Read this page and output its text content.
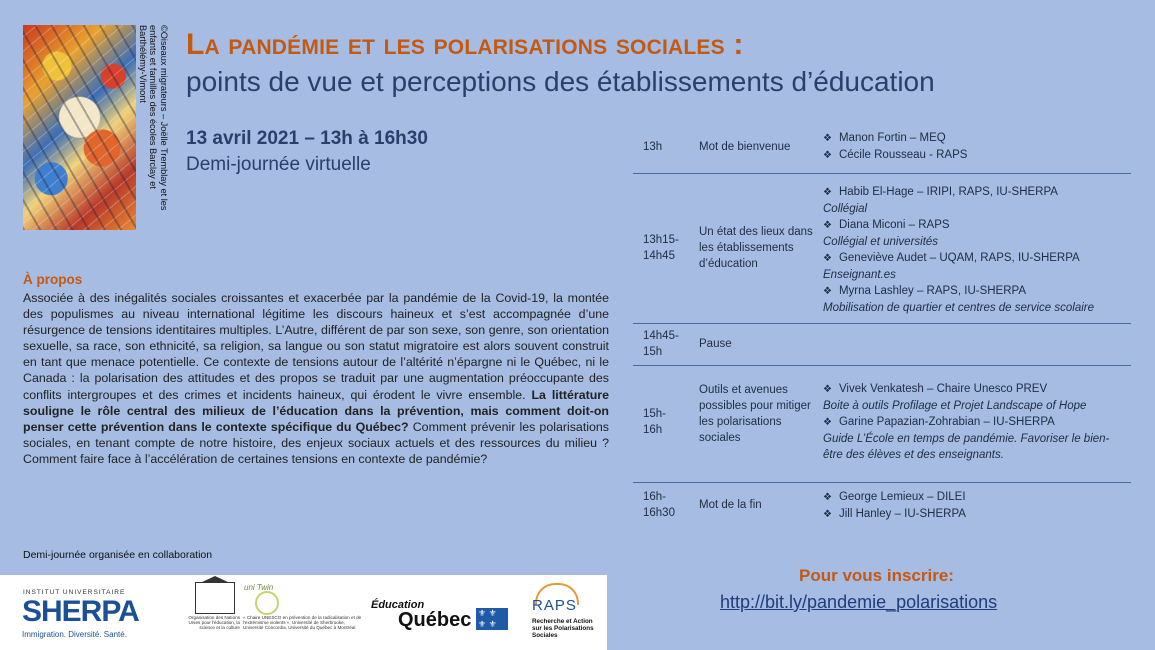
©Oiseaux migrateurs – Joëlle Tremblay et les enfants et familles des écoles Barclay et Barthélémy-Vimont	La pandémie et les polarisations sociales :
points de vue et perceptions des établissements d’éducation
13 avril 2021 – 13h à 16h30
Demi-journée virtuelle
À propos
Associée à des inégalités sociales croissantes et exacerbée par la pandémie de la Covid-19, la montée des populismes au niveau international légitime les discours haineux et s’est accompagnée d’une résurgence de tensions identitaires multiples. L’Autre, différent de par son sexe, son genre, son orientation sexuelle, sa race, son ethnicité, sa religion, sa langue ou son statut migratoire est alors souvent construit en tant que menace potentielle. Ce contexte de tensions autour de l’altérité n’épargne ni le Québec, ni le Canada : la polarisation des attitudes et des propos se traduit par une augmentation préoccupante des conflits intergroupes et des crimes et incidents haineux, qui érodent le vivre ensemble. La littérature souligne le rôle central des milieux de l’éducation dans la prévention, mais comment doit-on penser cette prévention dans le contexte spécifique du Québec? Comment prévenir les polarisations sociales, en tenant compte de notre histoire, des enjeux sociaux actuels et des ressources du milieu ? Comment faire face à l’accélération de certaines tensions en contexte de pandémie?
13h	Mot de bienvenue
❖ Manon Fortin – MEQ
❖ Cécile Rousseau - RAPS
13h15-
14h45
Un état des lieux dans les établissements d’éducation
❖ Habib El-Hage – IRIPI, RAPS, IU-SHERPA
Collégial
❖ Diana Miconi – RAPS
Collégial et universités
❖ Geneviève Audet – UQAM, RAPS, IU-SHERPA
Enseignant.es
❖ Myrna Lashley – RAPS, IU-SHERPA
Mobilisation de quartier et centres de service scolaire
14h45-
15h
Pause
15h-
16h
Outils et avenues possibles pour mitiger les polarisations sociales
❖ Vivek Venkatesh – Chaire Unesco PREV
Boite à outils Profilage et Projet Landscape of Hope
❖ Garine Papazian-Zohrabian – IU-SHERPA
Guide L’École en temps de pandémie. Favoriser le bien-être des élèves et des enseignants.
16h-
16h30
Mot de la fin
❖ George Lemieux – DILEI
❖ Jill Hanley – IU-SHERPA
Demi-journée organisée en collaboration
INSTITUT UNIVERSITAIRE
SHERPA
Immigration. Diversité. Santé.
Organisation des Nations Unies pour l'éducation, la science et la culture
uni Twin
« Chaire UNESCO en prévention de la radicalisation et de l'extrémisme violents », Université de Sherbrooke, Université Concordia, Université du Québec à Montréal
Éducation
Québec
⚜ ⚜ ⚜ ⚜
RAPS
Recherche et Action sur les Polarisations Sociales
Pour vous inscrire:
http://bit.ly/pandemie_polarisations
